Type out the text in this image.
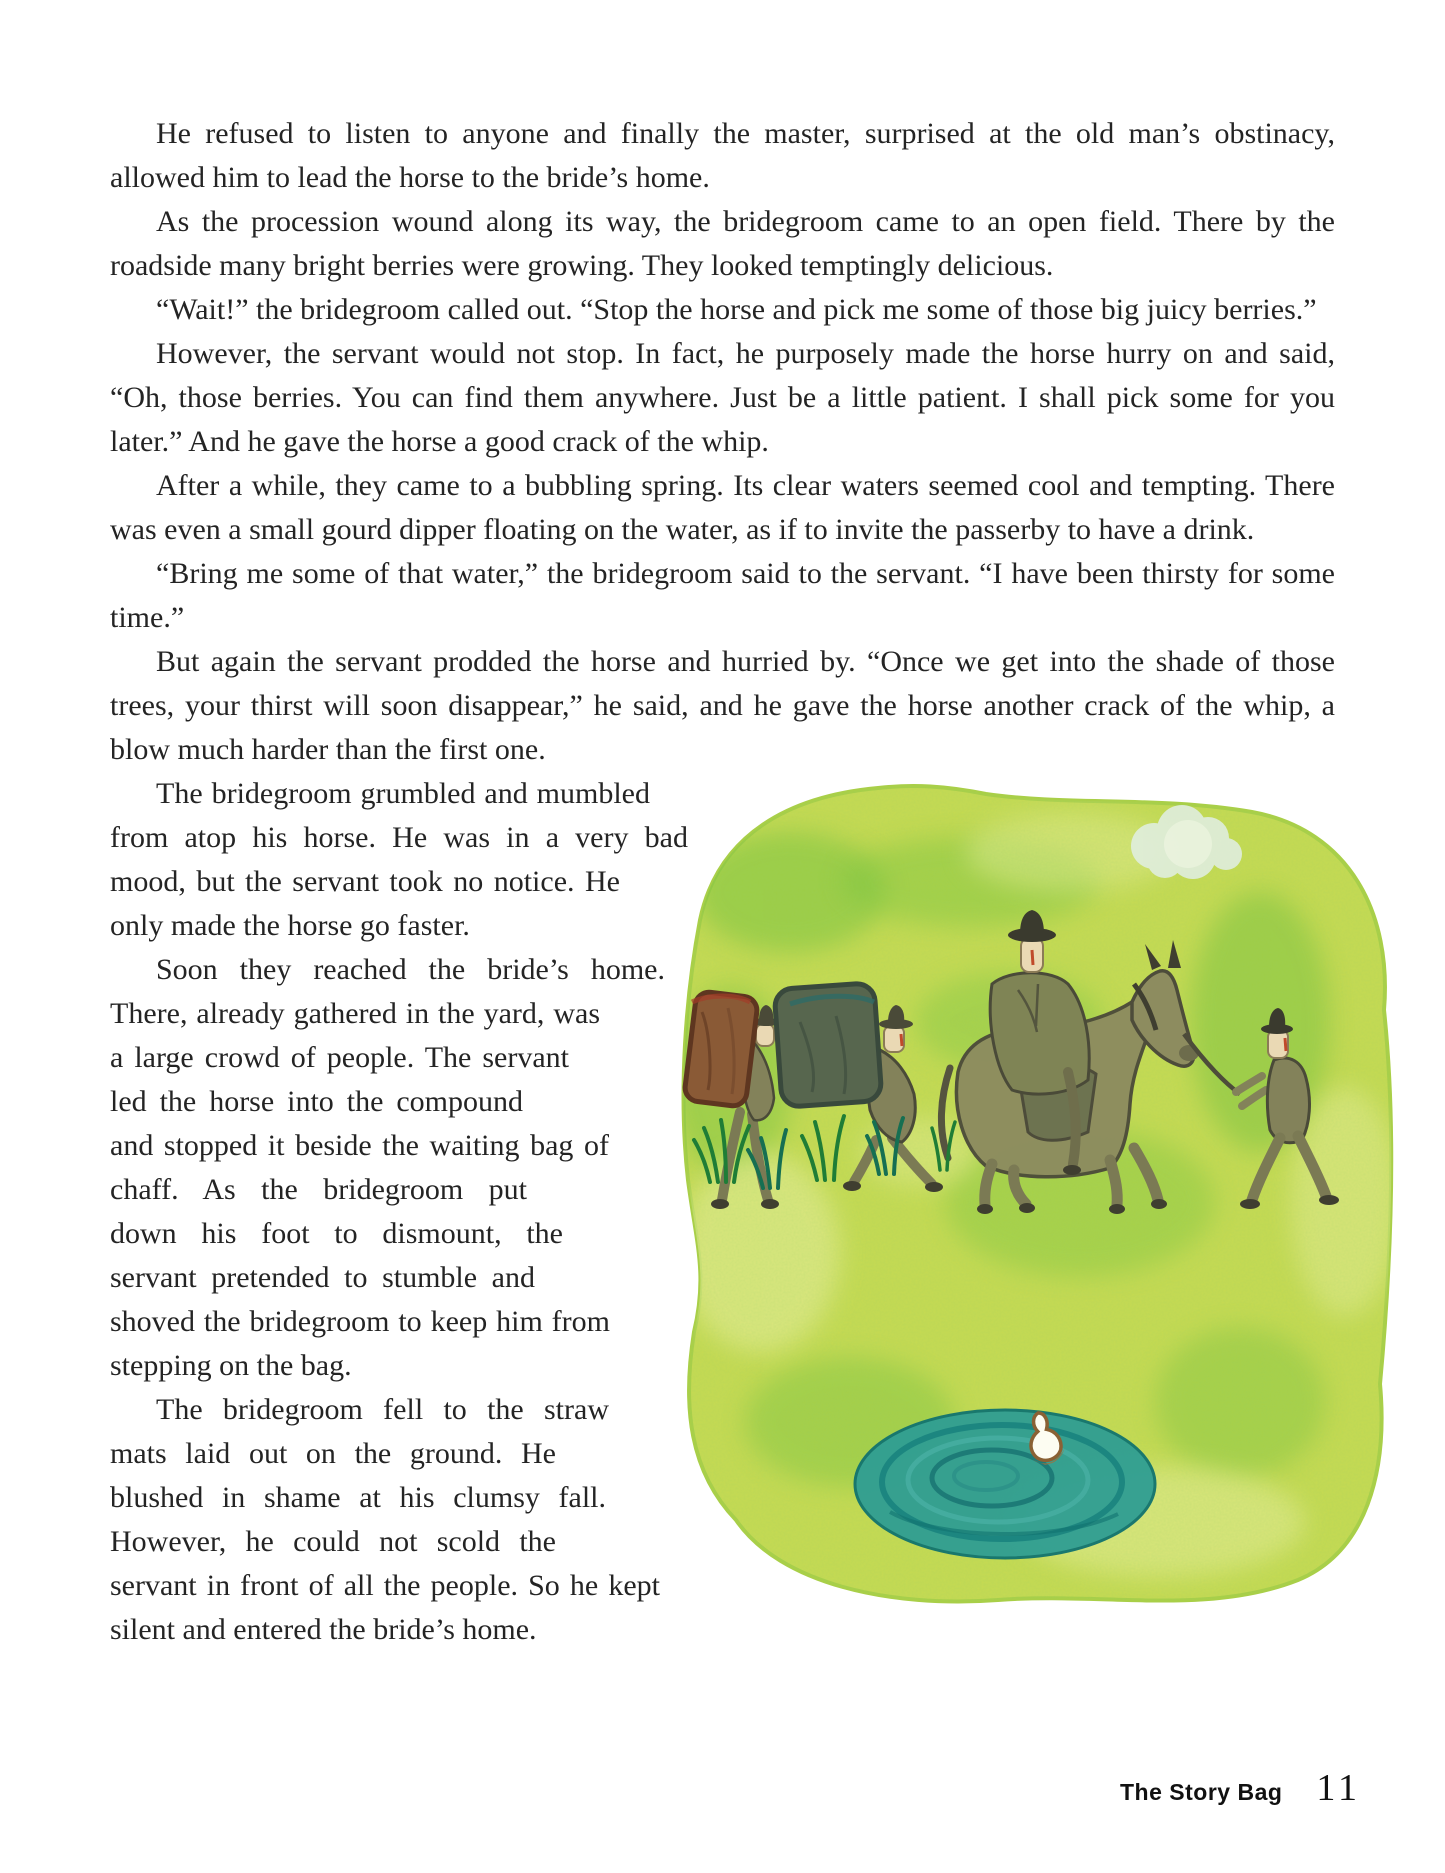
He refused to listen to anyone and finally the master, surprised at the old man’s obstinacy, allowed him to lead the horse to the bride’s home.

As the procession wound along its way, the bridegroom came to an open field. There by the roadside many bright berries were growing. They looked temptingly delicious.

“Wait!” the bridegroom called out. “Stop the horse and pick me some of those big juicy berries.”

However, the servant would not stop. In fact, he purposely made the horse hurry on and said, “Oh, those berries. You can find them anywhere. Just be a little patient. I shall pick some for you later.” And he gave the horse a good crack of the whip.

After a while, they came to a bubbling spring. Its clear waters seemed cool and tempting. There was even a small gourd dipper floating on the water, as if to invite the passerby to have a drink.

“Bring me some of that water,” the bridegroom said to the servant. “I have been thirsty for some time.”

But again the servant prodded the horse and hurried by. “Once we get into the shade of those trees, your thirst will soon disappear,” he said, and he gave the horse another crack of the whip, a blow much harder than the first one.

The bridegroom grumbled and mumbled from atop his horse. He was in a very bad mood, but the servant took no notice. He only made the horse go faster.

Soon they reached the bride’s home. There, already gathered in the yard, was a large crowd of people. The servant led the horse into the compound and stopped it beside the waiting bag of chaff. As the bridegroom put down his foot to dismount, the servant pretended to stumble and shoved the bridegroom to keep him from stepping on the bag.

The bridegroom fell to the straw mats laid out on the ground. He blushed in shame at his clumsy fall. However, he could not scold the servant in front of all the people. So he kept silent and entered the bride’s home.

The Story Bag 11
